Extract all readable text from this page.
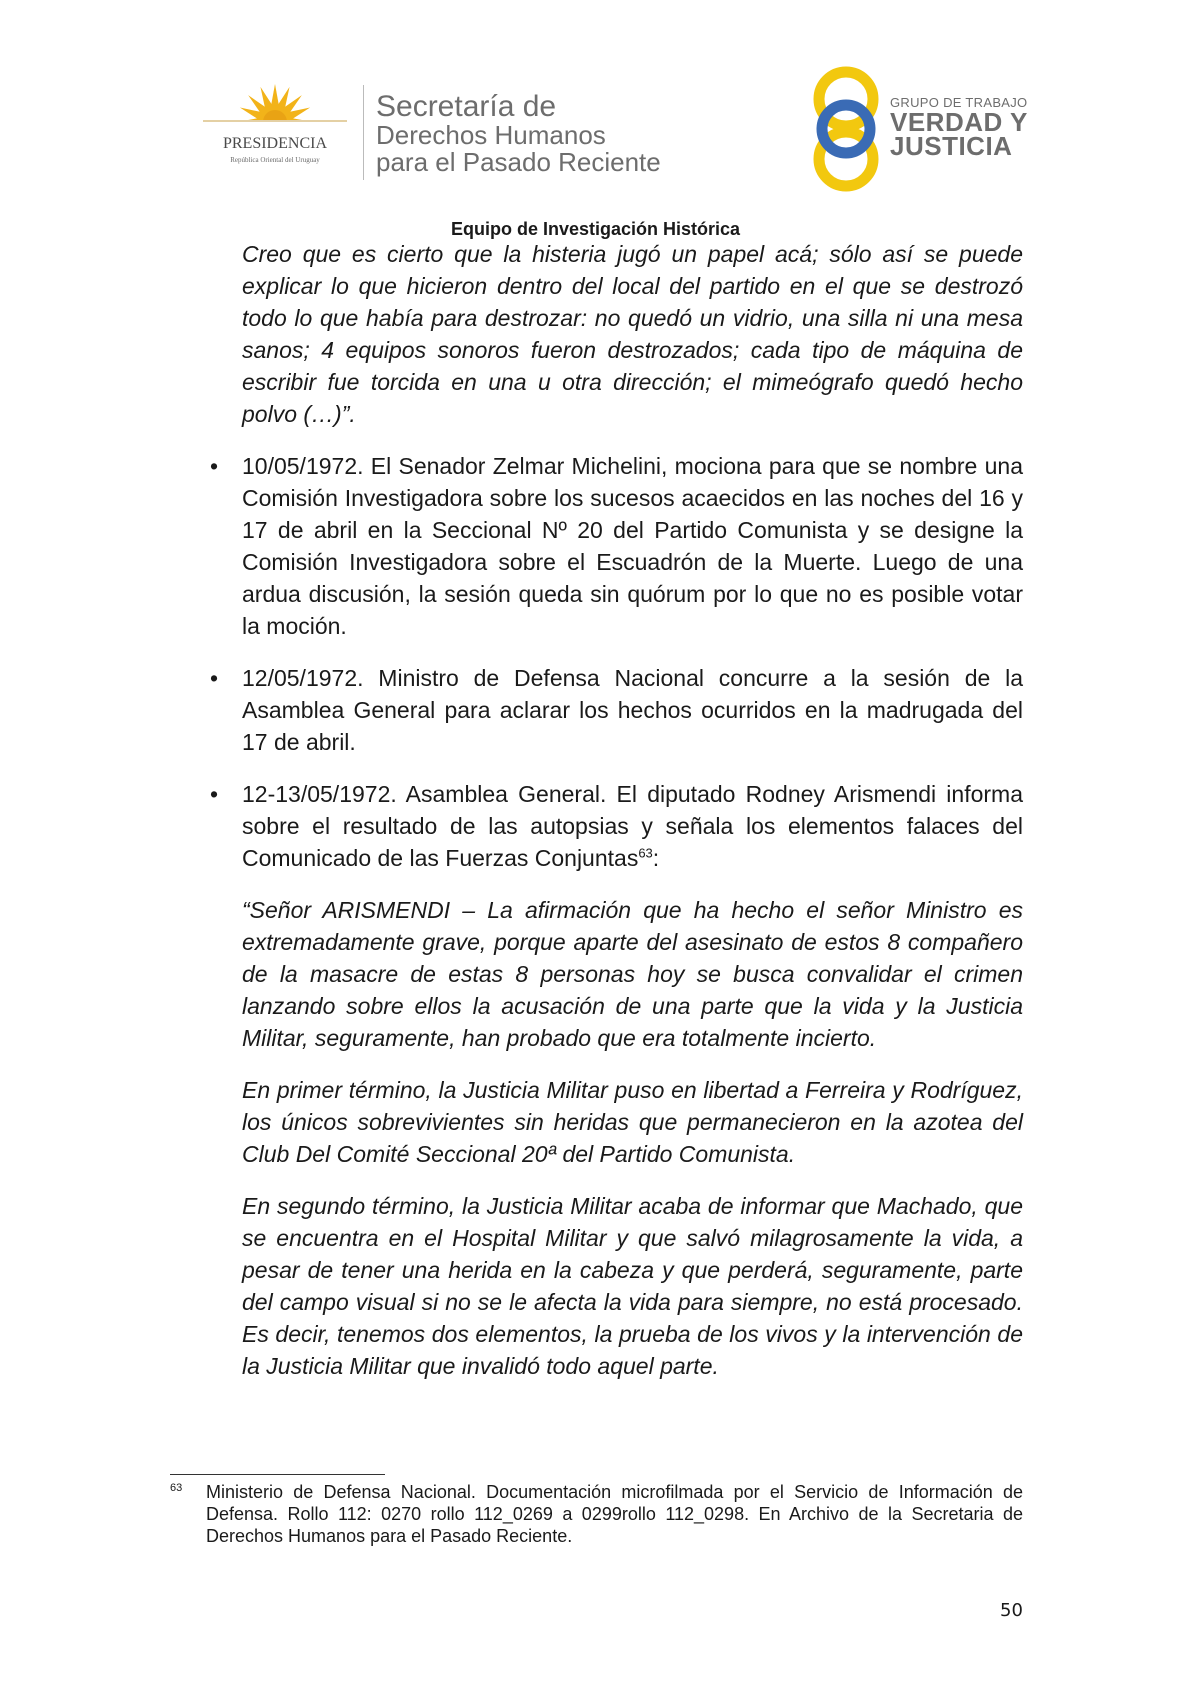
PRESIDENCIA
República Oriental del Uruguay
Secretaría de
Derechos Humanos
para el Pasado Reciente
GRUPO DE TRABAJO
VERDAD Y
JUSTICIA
Equipo de Investigación Histórica

Creo que es cierto que la histeria jugó un papel acá; sólo así se puede explicar lo que hicieron dentro del local del partido en el que se destrozó todo lo que había para destrozar: no quedó un vidrio, una silla ni una mesa sanos; 4 equipos sonoros fueron destrozados; cada tipo de máquina de escribir fue torcida en una u otra dirección; el mimeógrafo quedó hecho polvo (…)”.

• 10/05/1972. El Senador Zelmar Michelini, mociona para que se nombre una Comisión Investigadora sobre los sucesos acaecidos en las noches del 16 y 17 de abril en la Seccional Nº 20 del Partido Comunista y se designe la Comisión Investigadora sobre el Escuadrón de la Muerte. Luego de una ardua discusión, la sesión queda sin quórum por lo que no es posible votar la moción.

• 12/05/1972. Ministro de Defensa Nacional concurre a la sesión de la Asamblea General para aclarar los hechos ocurridos en la madrugada del 17 de abril.

• 12-13/05/1972. Asamblea General. El diputado Rodney Arismendi informa sobre el resultado de las autopsias y señala los elementos falaces del Comunicado de las Fuerzas Conjuntas$^{63}$:

“Señor ARISMENDI – La afirmación que ha hecho el señor Ministro es extremadamente grave, porque aparte del asesinato de estos 8 compañero de la masacre de estas 8 personas hoy se busca convalidar el crimen lanzando sobre ellos la acusación de una parte que la vida y la Justicia Militar, seguramente, han probado que era totalmente incierto.

En primer término, la Justicia Militar puso en libertad a Ferreira y Rodríguez, los únicos sobrevivientes sin heridas que permanecieron en la azotea del Club Del Comité Seccional 20ª del Partido Comunista.

En segundo término, la Justicia Militar acaba de informar que Machado, que se encuentra en el Hospital Militar y que salvó milagrosamente la vida, a pesar de tener una herida en la cabeza y que perderá, seguramente, parte del campo visual si no se le afecta la vida para siempre, no está procesado. Es decir, tenemos dos elementos, la prueba de los vivos y la intervención de la Justicia Militar que invalidó todo aquel parte.

63 Ministerio de Defensa Nacional. Documentación microfilmada por el Servicio de Información de Defensa. Rollo 112: 0270 rollo 112_0269 a 0299rollo 112_0298. En Archivo de la Secretaria de Derechos Humanos para el Pasado Reciente.
50
